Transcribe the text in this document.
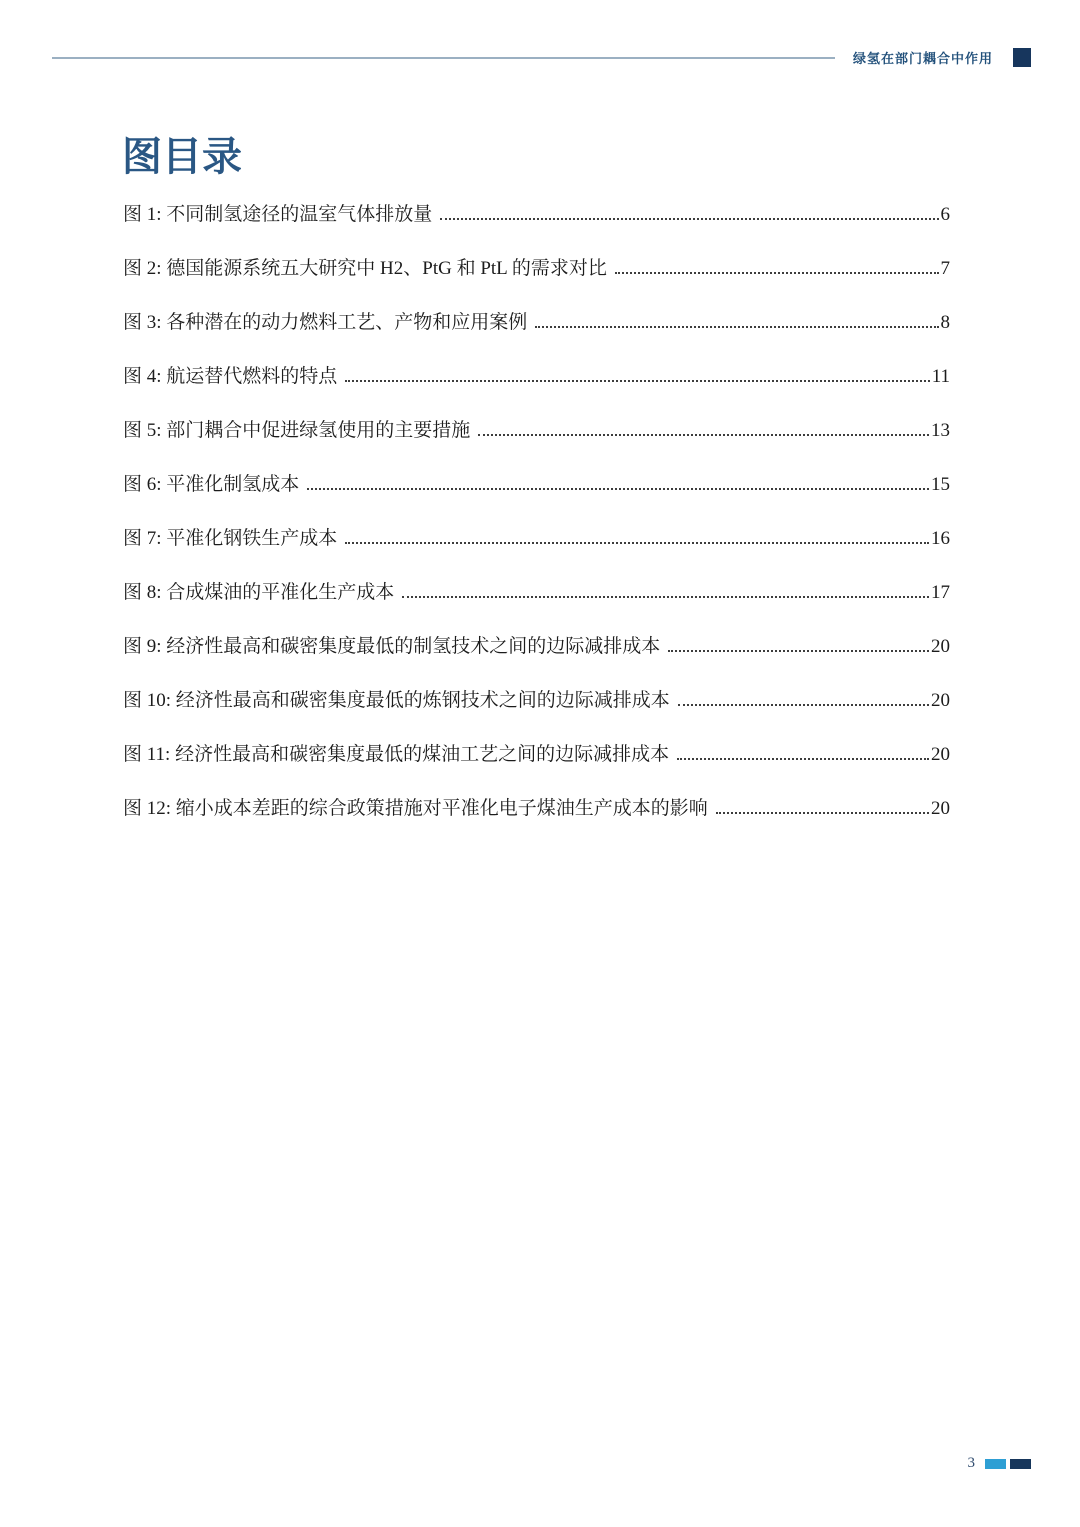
绿氢在部门耦合中作用
图目录
图 1: 不同制氢途径的温室气体排放量	6
图 2: 德国能源系统五大研究中 H2、PtG 和 PtL 的需求对比	7
图 3: 各种潜在的动力燃料工艺、产物和应用案例	8
图 4: 航运替代燃料的特点	11
图 5: 部门耦合中促进绿氢使用的主要措施	13
图 6: 平准化制氢成本	15
图 7: 平准化钢铁生产成本	16
图 8: 合成煤油的平准化生产成本	17
图 9: 经济性最高和碳密集度最低的制氢技术之间的边际减排成本	20
图 10: 经济性最高和碳密集度最低的炼钢技术之间的边际减排成本	20
图 11: 经济性最高和碳密集度最低的煤油工艺之间的边际减排成本	20
图 12: 缩小成本差距的综合政策措施对平准化电子煤油生产成本的影响	20
3
